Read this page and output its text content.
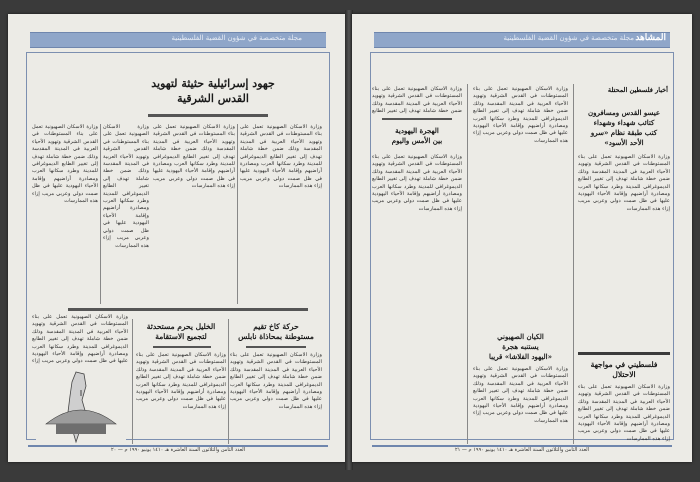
مجلة متخصصة في شؤون القضية الفلسطينية
جهود إسرائيلية حثيثة لتهويد
القدس الشرقية
وزارة الاسكان الصهيونية تعمل على بناء المستوطنات في القدس الشرقية وتهويد الأحياء العربية في المدينة المقدسة وذلك ضمن خطة شاملة تهدف إلى تغيير الطابع الديموغرافي للمدينة وطرد سكانها العرب ومصادرة أراضيهم وإقامة الأحياء اليهودية عليها في ظل صمت دولي وعربي مريب إزاء هذه الممارسات
وزارة الاسكان الصهيونية تعمل على بناء المستوطنات في القدس الشرقية وتهويد الأحياء العربية في المدينة المقدسة وذلك ضمن خطة شاملة تهدف إلى تغيير الطابع الديموغرافي للمدينة وطرد سكانها العرب ومصادرة أراضيهم وإقامة الأحياء اليهودية عليها في ظل صمت دولي وعربي مريب إزاء هذه الممارسات
وزارة الاسكان الصهيونية تعمل على بناء المستوطنات في القدس الشرقية وتهويد الأحياء العربية في المدينة المقدسة وذلك ضمن خطة شاملة تهدف إلى تغيير الطابع الديموغرافي للمدينة وطرد سكانها العرب ومصادرة أراضيهم وإقامة الأحياء اليهودية عليها في ظل صمت دولي وعربي مريب إزاء هذه الممارسات
وزارة الاسكان الصهيونية تعمل على بناء المستوطنات في القدس الشرقية وتهويد الأحياء العربية في المدينة المقدسة وذلك ضمن خطة شاملة تهدف إلى تغيير الطابع الديموغرافي للمدينة وطرد سكانها العرب ومصادرة أراضيهم وإقامة الأحياء اليهودية عليها في ظل صمت دولي وعربي مريب إزاء هذه الممارسات
حركة كاخ تقيم
مستوطنة بمحاذاة نابلس
وزارة الاسكان الصهيونية تعمل على بناء المستوطنات في القدس الشرقية وتهويد الأحياء العربية في المدينة المقدسة وذلك ضمن خطة شاملة تهدف إلى تغيير الطابع الديموغرافي للمدينة وطرد سكانها العرب ومصادرة أراضيهم وإقامة الأحياء اليهودية عليها في ظل صمت دولي وعربي مريب إزاء هذه الممارسات
الخليل يحرم مستحدثة
لتجميع الاستقامة
وزارة الاسكان الصهيونية تعمل على بناء المستوطنات في القدس الشرقية وتهويد الأحياء العربية في المدينة المقدسة وذلك ضمن خطة شاملة تهدف إلى تغيير الطابع الديموغرافي للمدينة وطرد سكانها العرب ومصادرة أراضيهم وإقامة الأحياء اليهودية عليها في ظل صمت دولي وعربي مريب إزاء هذه الممارسات
وزارة الاسكان الصهيونية تعمل على بناء المستوطنات في القدس الشرقية وتهويد الأحياء العربية في المدينة المقدسة وذلك ضمن خطة شاملة تهدف إلى تغيير الطابع الديموغرافي للمدينة وطرد سكانها العرب ومصادرة أراضيهم وإقامة الأحياء اليهودية عليها في ظل صمت دولي وعربي مريب إزاء
العدد الثامن والثلاثون السنة العاشرة هـ ١٤١٠ يونيو ١٩٩٠ م — ٢٠
المشاهد
مجلة متخصصة في شؤون القضية الفلسطينية
أخبار فلسطين المحتلة
عيسو القدس ومسافرون
كتائب شهداء وشهداء
كتب طبقة نظام «سرو
الأحد الأسود»
وزارة الاسكان الصهيونية تعمل على بناء المستوطنات في القدس الشرقية وتهويد الأحياء العربية في المدينة المقدسة وذلك ضمن خطة شاملة تهدف إلى تغيير الطابع الديموغرافي للمدينة وطرد سكانها العرب ومصادرة أراضيهم وإقامة الأحياء اليهودية عليها في ظل صمت دولي وعربي مريب إزاء هذه الممارسات
فلسطيني في مواجهة
الاحتلال
وزارة الاسكان الصهيونية تعمل على بناء المستوطنات في القدس الشرقية وتهويد الأحياء العربية في المدينة المقدسة وذلك ضمن خطة شاملة تهدف إلى تغيير الطابع الديموغرافي للمدينة وطرد سكانها العرب ومصادرة أراضيهم وإقامة الأحياء اليهودية عليها في ظل صمت دولي وعربي مريب إزاء هذه الممارسات
وزارة الاسكان الصهيونية تعمل على بناء المستوطنات في القدس الشرقية وتهويد الأحياء العربية في المدينة المقدسة وذلك ضمن خطة شاملة تهدف إلى تغيير الطابع الديموغرافي للمدينة وطرد سكانها العرب ومصادرة أراضيهم وإقامة الأحياء اليهودية عليها في ظل صمت دولي وعربي مريب إزاء هذه الممارسات
الكيان الصهيوني
يستنبه هجرة
«اليهود الفلاشا» قريبا
وزارة الاسكان الصهيونية تعمل على بناء المستوطنات في القدس الشرقية وتهويد الأحياء العربية في المدينة المقدسة وذلك ضمن خطة شاملة تهدف إلى تغيير الطابع الديموغرافي للمدينة وطرد سكانها العرب ومصادرة أراضيهم وإقامة الأحياء اليهودية عليها في ظل صمت دولي وعربي مريب إزاء هذه الممارسات
وزارة الاسكان الصهيونية تعمل على بناء المستوطنات في القدس الشرقية وتهويد الأحياء العربية في المدينة المقدسة وذلك ضمن خطة شاملة تهدف إلى تغيير الطابع
الهجرة اليهودية
بين الأمس واليوم
وزارة الاسكان الصهيونية تعمل على بناء المستوطنات في القدس الشرقية وتهويد الأحياء العربية في المدينة المقدسة وذلك ضمن خطة شاملة تهدف إلى تغيير الطابع الديموغرافي للمدينة وطرد سكانها العرب ومصادرة أراضيهم وإقامة الأحياء اليهودية عليها في ظل صمت دولي وعربي مريب إزاء هذه الممارسات
العدد الثامن والثلاثون السنة العاشرة هـ ١٤١٠ يونيو ١٩٩٠ م — ٢١
